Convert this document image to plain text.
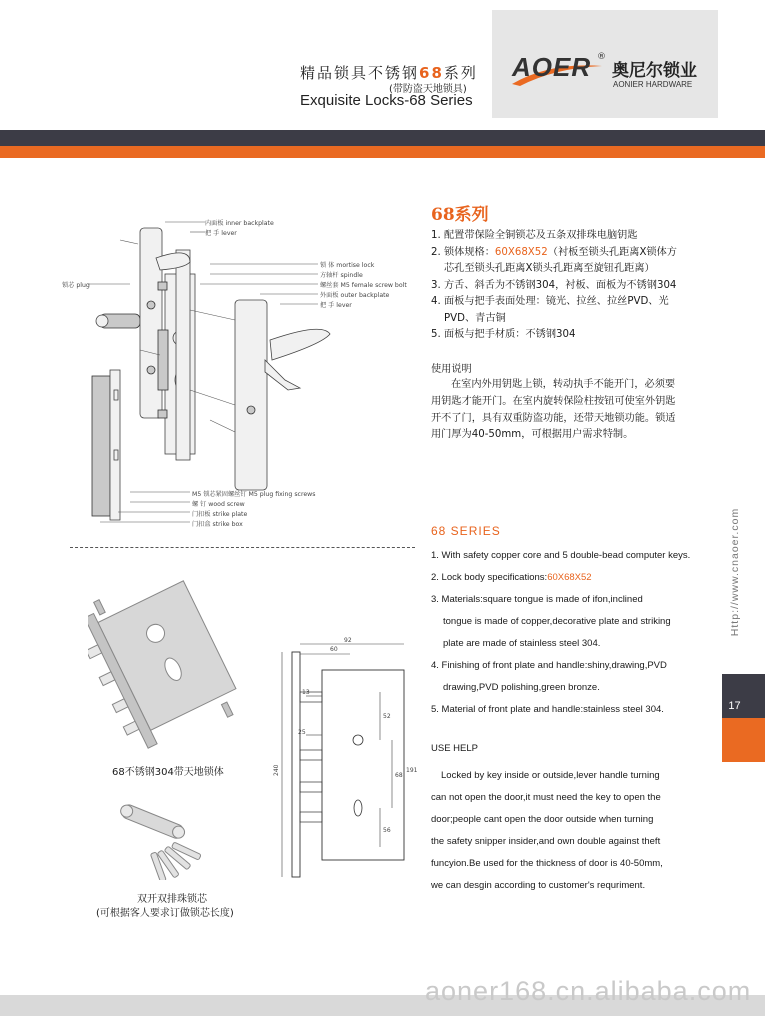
精品锁具不锈钢68系列
(带防盗天地锁具)
Exquisite Locks-68 Series
AOER ®
奥尼尔锁业
AONIER HARDWARE
内面板 inner backplate
把 手 lever
锁 体 mortise lock
方轴杆 spindle
螺丝套 M5 female screw bolt
外面板 outer backplate
把 手 lever
锁芯 plug
M5 锁芯紧固螺丝钉 M5 plug fixing screws
螺 钉 wood screw
门扣板 strike plate
门扣盒 strike box
68不锈钢304带天地锁体
双开双排珠锁芯
(可根据客人要求订做锁芯长度)
92
60
13
25
240
52
68
56
191
68系列
1. 配置带保险全铜锁芯及五条双排珠电脑钥匙
2. 锁体规格：60X68X52（衬板至锁头孔距离X锁体方
芯孔至锁头孔距离X锁头孔距离至旋钮孔距离）
3. 方舌、斜舌为不锈钢304，衬板、面板为不锈钢304
4. 面板与把手表面处理：镜光、拉丝、拉丝PVD、光
PVD、青古铜
5. 面板与把手材质：不锈钢304
使用说明
在室内外用钥匙上锁，转动执手不能开门，必须要
用钥匙才能开门。在室内旋转保险柱按钮可使室外钥匙
开不了门，具有双重防盗功能，还带天地锁功能。锁适
用门厚为40-50mm，可根据用户需求特制。
68 SERIES
1. With safety copper core and 5 double-bead computer keys.
2. Lock body specifications:60X68X52
3. Materials:square tongue is made of ifon,inclined
tongue is made of copper,decorative plate and striking
plate are made of stainless steel 304.
4. Finishing of front plate and handle:shiny,drawing,PVD
drawing,PVD polishing,green bronze.
5. Material of front plate and handle:stainless steel 304.
USE HELP
Locked by key inside or outside,lever handle turning
can not open the door,it must need the key to open the
door;people cant open the door outside when turning
the safety snipper insider,and own double against theft
funcyion.Be used for the thickness of door is 40-50mm,
we can desgin according to customer's requriment.
Http://www.cnaoer.com
17
aoner168.cn.alibaba.com
